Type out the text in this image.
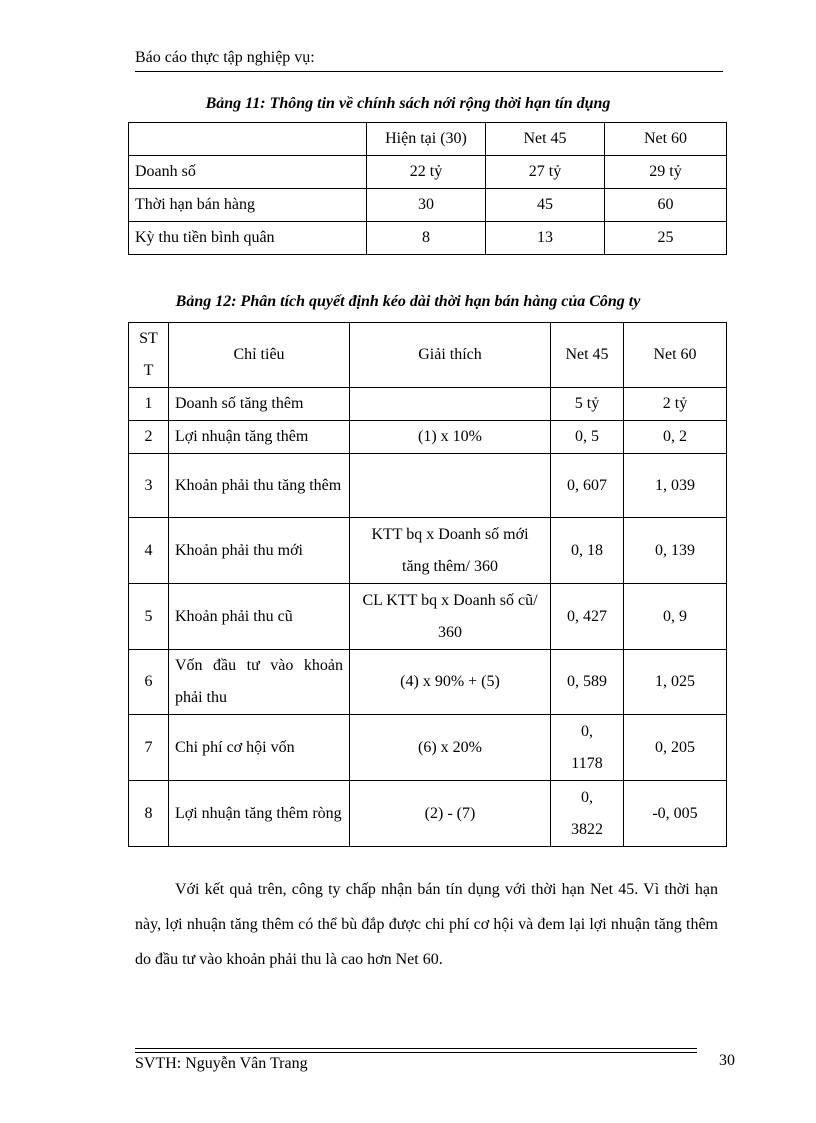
Báo cáo thực tập nghiệp vụ:
Bảng 11: Thông tin về chính sách nới rộng thời hạn tín dụng
	Hiện tại (30)	Net 45	Net 60
Doanh số	22 tỷ	27 tỷ	29 tỷ
Thời hạn bán hàng	30	45	60
Kỳ thu tiền bình quân	8	13	25
Bảng 12: Phân tích quyết định kéo dài thời hạn bán hàng của Công ty
ST T	Chỉ tiêu	Giải thích	Net 45	Net 60
1	Doanh số tăng thêm		5 tỷ	2 tỷ
2	Lợi nhuận tăng thêm	(1) x 10%	0, 5	0, 2
3	Khoản phải thu tăng thêm		0, 607	1, 039
4	Khoản phải thu mới	KTT bq x Doanh số mới tăng thêm/ 360	0, 18	0, 139
5	Khoản phải thu cũ	CL KTT bq x Doanh số cũ/ 360	0, 427	0, 9
6	Vốn đầu tư vào khoản phải thu	(4) x 90% + (5)	0, 589	1, 025
7	Chi phí cơ hội vốn	(6) x 20%	0, 1178	0, 205
8	Lợi nhuận tăng thêm ròng	(2) - (7)	0, 3822	-0, 005

Với kết quả trên, công ty chấp nhận bán tín dụng với thời hạn Net 45. Vì thời hạn này, lợi nhuận tăng thêm có thể bù đắp được chi phí cơ hội và đem lại lợi nhuận tăng thêm do đầu tư vào khoản phải thu là cao hơn Net 60.

SVTH: Nguyễn Vân Trang	30
